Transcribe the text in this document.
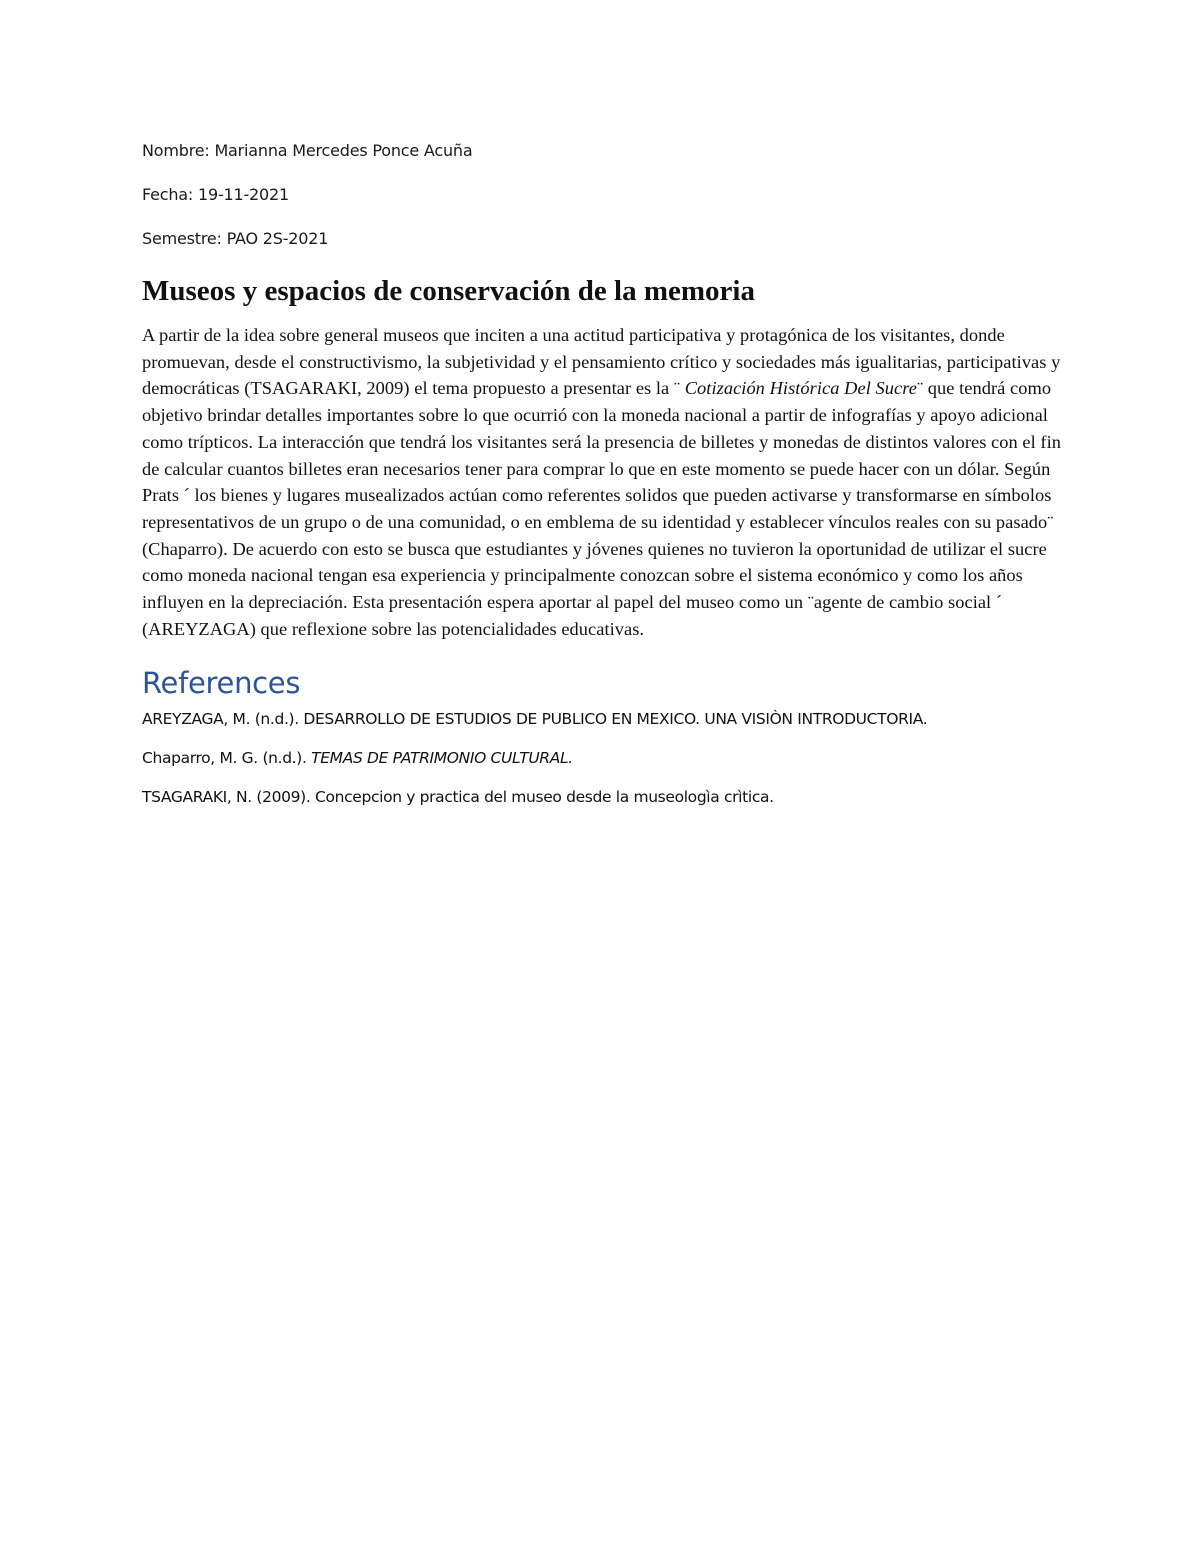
Nombre: Marianna Mercedes Ponce Acuña

Fecha: 19-11-2021

Semestre: PAO 2S-2021

Museos y espacios de conservación de la memoria

A partir de la idea sobre general museos que inciten a una actitud participativa y protagónica de los visitantes, donde promuevan, desde el constructivismo, la subjetividad y el pensamiento crítico y sociedades más igualitarias, participativas y democráticas (TSAGARAKI, 2009) el tema propuesto a presentar es la ¨ Cotización Histórica Del Sucre¨ que tendrá como objetivo brindar detalles importantes sobre lo que ocurrió con la moneda nacional a partir de infografías y apoyo adicional como trípticos. La interacción que tendrá los visitantes será la presencia de billetes y monedas de distintos valores con el fin de calcular cuantos billetes eran necesarios tener para comprar lo que en este momento se puede hacer con un dólar. Según Prats ´ los bienes y lugares musealizados actúan como referentes solidos que pueden activarse y transformarse en símbolos representativos de un grupo o de una comunidad, o en emblema de su identidad y establecer vínculos reales con su pasado¨ (Chaparro). De acuerdo con esto se busca que estudiantes y jóvenes quienes no tuvieron la oportunidad de utilizar el sucre como moneda nacional tengan esa experiencia y principalmente conozcan sobre el sistema económico y como los años influyen en la depreciación. Esta presentación espera aportar al papel del museo como un ¨agente de cambio social ´ (AREYZAGA) que reflexione sobre las potencialidades educativas.

References

AREYZAGA, M. (n.d.). DESARROLLO DE ESTUDIOS DE PUBLICO EN MEXICO. UNA VISIÒN INTRODUCTORIA.

Chaparro, M. G. (n.d.). TEMAS DE PATRIMONIO CULTURAL.

TSAGARAKI, N. (2009). Concepcion y practica del museo desde la museologìa crìtica.
